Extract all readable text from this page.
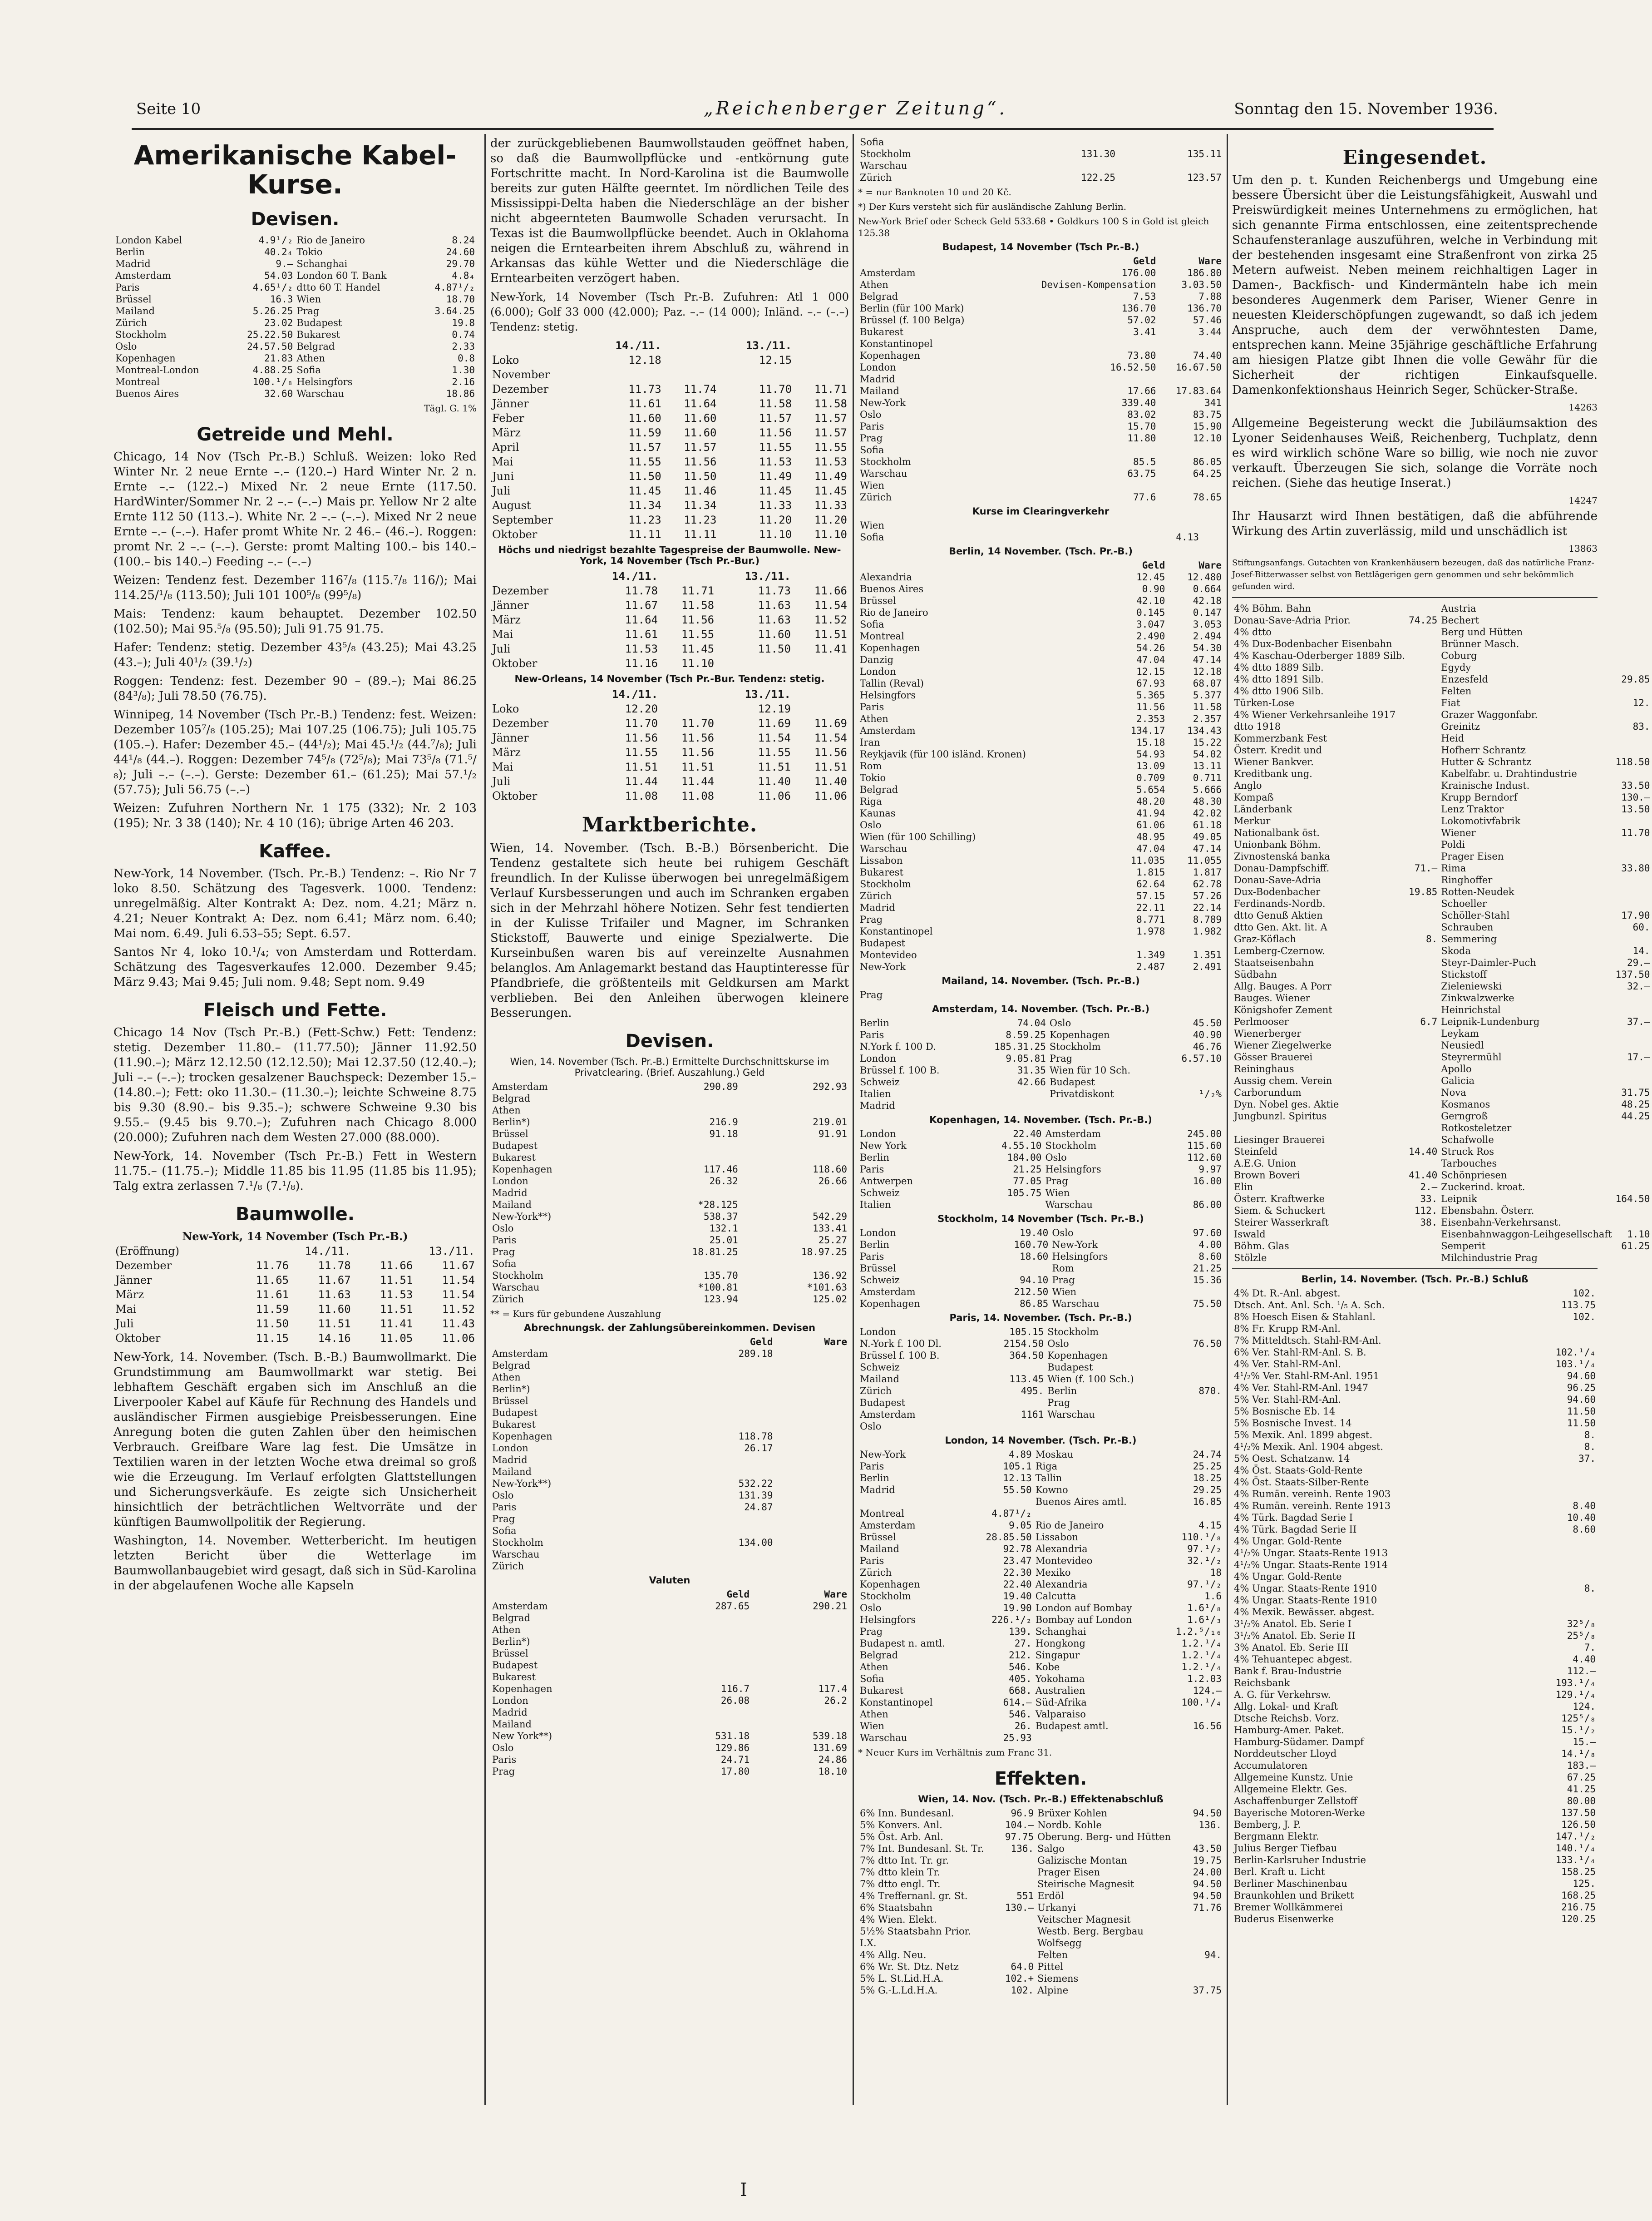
Seite 10	„Reichenberger Zeitung“.	Sonntag den 15. November 1936.
Amerikanische Kabel-Kurse.
Devisen.
London Kabel	4.9¹/₂	Rio de Janeiro	8.24
Berlin	40.2₄	Tokio	24.60
Madrid	9.–	Schanghai	29.70
Amsterdam	54.03	London 60 T. Bank	4.8₄
Paris	4.65¹/₂	dtto 60 T. Handel	4.87¹/₂
Brüssel	16.3	Wien	18.70
Mailand	5.26.25	Prag	3.64.25
Zürich	23.02	Budapest	19.8
Stockholm	25.22.50	Bukarest	0.74
Oslo	24.57.50	Belgrad	2.33
Kopenhagen	21.83	Athen	0.8
Montreal-London	4.88.25	Sofia	1.30
Montreal	100.¹/₈	Helsingfors	2.16
Buenos Aires	32.60	Warschau	18.86
Tägl. G. 1%
Getreide und Mehl.

Chicago, 14 Nov (Tsch Pr.-B.) Schluß. Weizen: loko Red Winter Nr. 2 neue Ernte –.– (120.–) Hard Winter Nr. 2 n. Ernte –.– (122.–) Mixed Nr. 2 neue Ernte (117.50. HardWinter/Sommer Nr. 2 –.– (–.–) Mais pr. Yellow Nr 2 alte Ernte 112 50 (113.–). White Nr. 2 –.– (–.–). Mixed Nr 2 neue Ernte –.– (–.–). Hafer promt White Nr. 2 46.– (46.–). Roggen: promt Nr. 2 –.– (–.–). Gerste: promt Malting 100.– bis 140.– (100.– bis 140.–) Feeding –.– (–.–)

Weizen: Tendenz fest. Dezember 116⁷/₈ (115.⁷/₈ 116/); Mai 114.25/¹/₈ (113.50); Juli 101 100⁵/₈ (99⁵/₈)

Mais: Tendenz: kaum behauptet. Dezember 102.50 (102.50); Mai 95.⁵/₈ (95.50); Juli 91.75 91.75.

Hafer: Tendenz: stetig. Dezember 43⁵/₈ (43.25); Mai 43.25 (43.–); Juli 40¹/₂ (39.¹/₂)

Roggen: Tendenz: fest. Dezember 90 – (89.–); Mai 86.25 (84³/₈); Juli 78.50 (76.75).

Winnipeg, 14 November (Tsch Pr.-B.) Tendenz: fest. Weizen: Dezember 105⁷/₈ (105.25); Mai 107.25 (106.75); Juli 105.75 (105.–). Hafer: Dezember 45.– (44¹/₂); Mai 45.¹/₂ (44.⁷/₈); Juli 44¹/₈ (44.–). Roggen: Dezember 74⁵/₈ (72⁵/₈); Mai 73⁵/₈ (71.⁵/₈); Juli –.– (–.–). Gerste: Dezember 61.– (61.25); Mai 57.¹/₂ (57.75); Juli 56.75 (–.–)

Weizen: Zufuhren Northern Nr. 1 175 (332); Nr. 2 103 (195); Nr. 3 38 (140); Nr. 4 10 (16); übrige Arten 46 203.

Kaffee.

New-York, 14 November. (Tsch. Pr.-B.) Tendenz: –. Rio Nr 7 loko 8.50. Schätzung des Tagesverk. 1000. Tendenz: unregelmäßig. Alter Kontrakt A: Dez. nom. 4.21; März n. 4.21; Neuer Kontrakt A: Dez. nom 6.41; März nom. 6.40; Mai nom. 6.49. Juli 6.53–55; Sept. 6.57.

Santos Nr 4, loko 10.¹/₄; von Amsterdam und Rotterdam. Schätzung des Tagesverkaufes 12.000. Dezember 9.45; März 9.43; Mai 9.45; Juli nom. 9.48; Sept nom. 9.49

Fleisch und Fette.

Chicago 14 Nov (Tsch Pr.-B.) (Fett-Schw.) Fett: Tendenz: stetig. Dezember 11.80.– (11.77.50); Jänner 11.92.50 (11.90.–); März 12.12.50 (12.12.50); Mai 12.37.50 (12.40.–); Juli –.– (–.–); trocken gesalzener Bauchspeck: Dezember 15.– (14.80.–); Fett: oko 11.30.– (11.30.–); leichte Schweine 8.75 bis 9.30 (8.90.– bis 9.35.–); schwere Schweine 9.30 bis 9.55.– (9.45 bis 9.70.–); Zufuhren nach Chicago 8.000 (20.000); Zufuhren nach dem Westen 27.000 (88.000).

New-York, 14. November (Tsch Pr.-B.) Fett in Western 11.75.– (11.75.–); Middle 11.85 bis 11.95 (11.85 bis 11.95); Talg extra zerlassen 7.¹/₈ (7.¹/₈).

Baumwolle.
New-York, 14 November (Tsch Pr.-B.)				
(Eröffnung)	14./11.		13./11.	
Dezember	11.76	11.78	11.66	11.67
Jänner	11.65	11.67	11.51	11.54
März	11.61	11.63	11.53	11.54
Mai	11.59	11.60	11.51	11.52
Juli	11.50	11.51	11.41	11.43
Oktober	11.15	14.16	11.05	11.06

New-York, 14. November. (Tsch. B.-B.) Baumwollmarkt. Die Grundstimmung am Baumwollmarkt war stetig. Bei lebhaftem Geschäft ergaben sich im Anschluß an die Liverpooler Kabel auf Käufe für Rechnung des Handels und ausländischer Firmen ausgiebige Preisbesserungen. Eine Anregung boten die guten Zahlen über den heimischen Verbrauch. Greifbare Ware lag fest. Die Umsätze in Textilien waren in der letzten Woche etwa dreimal so groß wie die Erzeugung. Im Verlauf erfolgten Glattstellungen und Sicherungsverkäufe. Es zeigte sich Unsicherheit hinsichtlich der beträchtlichen Weltvorräte und der künftigen Baumwollpolitik der Regierung.

Washington, 14. November. Wetterbericht. Im heutigen letzten Bericht über die Wetterlage im Baumwollanbaugebiet wird gesagt, daß sich in Süd-Karolina in der abgelaufenen Woche alle Kapseln

der zurückgebliebenen Baumwollstauden geöffnet haben, so daß die Baumwollpflücke und -entkörnung gute Fortschritte macht. In Nord-Karolina ist die Baumwolle bereits zur guten Hälfte geerntet. Im nördlichen Teile des Mississippi-Delta haben die Niederschläge an der bisher nicht abgeernteten Baumwolle Schaden verursacht. In Texas ist die Baumwollpflücke beendet. Auch in Oklahoma neigen die Erntearbeiten ihrem Abschluß zu, während in Arkansas das kühle Wetter und die Niederschläge die Erntearbeiten verzögert haben.

New-York, 14 November (Tsch Pr.-B. Zufuhren: Atl 1 000 (6.000); Golf 33 000 (42.000); Paz. –.– (14 000); Inländ. –.– (–.–) Tendenz: stetig.

	14./11.		13./11.	
Loko	12.18		12.15	
November				
Dezember	11.73	11.74	11.70	11.71
Jänner	11.61	11.64	11.58	11.58
Feber	11.60	11.60	11.57	11.57
März	11.59	11.60	11.56	11.57
April	11.57	11.57	11.55	11.55
Mai	11.55	11.56	11.53	11.53
Juni	11.50	11.50	11.49	11.49
Juli	11.45	11.46	11.45	11.45
August	11.34	11.34	11.33	11.33
September	11.23	11.23	11.20	11.20
Oktober	11.11	11.11	11.10	11.10
Höchs und niedrigst bezahlte Tagespreise der Baumwolle. New-York, 14 November (Tsch Pr.-Bur.)
	14./11.		13./11.	
Dezember	11.78	11.71	11.73	11.66
Jänner	11.67	11.58	11.63	11.54
März	11.64	11.56	11.63	11.52
Mai	11.61	11.55	11.60	11.51
Juli	11.53	11.45	11.50	11.41
Oktober	11.16	11.10		
New-Orleans, 14 November (Tsch Pr.-Bur. Tendenz: stetig.
	14./11.		13./11.	
Loko	12.20		12.19	
Dezember	11.70	11.70	11.69	11.69
Jänner	11.56	11.56	11.54	11.54
März	11.55	11.56	11.55	11.56
Mai	11.51	11.51	11.51	11.51
Juli	11.44	11.44	11.40	11.40
Oktober	11.08	11.08	11.06	11.06
Marktberichte.

Wien, 14. November. (Tsch. B.-B.) Börsenbericht. Die Tendenz gestaltete sich heute bei ruhigem Geschäft freundlich. In der Kulisse überwogen bei unregelmäßigem Verlauf Kursbesserungen und auch im Schranken ergaben sich in der Mehrzahl höhere Notizen. Sehr fest tendierten in der Kulisse Trifailer und Magner, im Schranken Stickstoff, Bauwerte und einige Spezialwerte. Die Kurseinbußen waren bis auf vereinzelte Ausnahmen belanglos. Am Anlagemarkt bestand das Hauptinteresse für Pfandbriefe, die größtenteils mit Geldkursen am Markt verblieben. Bei den Anleihen überwogen kleinere Besserungen.

Devisen.
Wien, 14. November (Tsch. Pr.-B.) Ermittelte Durchschnittskurse im Privatclearing. (Brief. Auszahlung.) Geld
Amsterdam	290.89	292.93
Belgrad		
Athen		
Berlin*)	216.9	219.01
Brüssel	91.18	91.91
Budapest		
Bukarest		
Kopenhagen	117.46	118.60
London	26.32	26.66
Madrid		
Mailand	*28.125	
New-York**)	538.37	542.29
Oslo	132.1	133.41
Paris	25.01	25.27
Prag	18.81.25	18.97.25
Sofia		
Stockholm	135.70	136.92
Warschau	*100.81	*101.63
Zürich	123.94	125.02
** = Kurs für gebundene Auszahlung
Abrechnungsk. der Zahlungsübereinkommen. Devisen
	Geld	Ware
Amsterdam	289.18	
Belgrad		
Athen		
Berlin*)		
Brüssel		
Budapest		
Bukarest		
Kopenhagen	118.78	
London	26.17	
Madrid		
Mailand		
New-York**)	532.22	
Oslo	131.39	
Paris	24.87	
Prag		
Sofia		
Stockholm	134.00	
Warschau		
Zürich		
Valuten
	Geld	Ware
Amsterdam	287.65	290.21
Belgrad		
Athen		
Berlin*)		
Brüssel		
Budapest		
Bukarest		
Kopenhagen	116.7	117.4
London	26.08	26.2
Madrid		
Mailand		
New York**)	531.18	539.18
Oslo	129.86	131.69
Paris	24.71	24.86
Prag	17.80	18.10
Sofia		
Stockholm	131.30	135.11
Warschau		
Zürich	122.25	123.57
* = nur Banknoten 10 und 20 Kč.
*) Der Kurs versteht sich für ausländische Zahlung Berlin.
New-York Brief oder Scheck Geld 533.68 • Goldkurs 100 S in Gold ist gleich 125.38
Budapest, 14 November (Tsch Pr.-B.)
	Geld	Ware
Amsterdam	176.00	186.80
Athen	Devisen-Kompensation	3.03.50
Belgrad	7.53	7.88
Berlin (für 100 Mark)	136.70	136.70
Brüssel (f. 100 Belga)	57.02	57.46
Bukarest	3.41	3.44
Konstantinopel		
Kopenhagen	73.80	74.40
London	16.52.50	16.67.50
Madrid		
Mailand	17.66	17.83.64
New-York	339.40	341
Oslo	83.02	83.75
Paris	15.70	15.90
Prag	11.80	12.10
Sofia		
Stockholm	85.5	86.05
Warschau	63.75	64.25
Wien		
Zürich	77.6	78.65
Kurse im Clearingverkehr
Wien		
Sofia	4.13	
Berlin, 14 November. (Tsch. Pr.-B.)
	Geld	Ware
Alexandria	12.45	12.480
Buenos Aires	0.90	0.664
Brüssel	42.10	42.18
Rio de Janeiro	0.145	0.147
Sofia	3.047	3.053
Montreal	2.490	2.494
Kopenhagen	54.26	54.30
Danzig	47.04	47.14
London	12.15	12.18
Tallin (Reval)	67.93	68.07
Helsingfors	5.365	5.377
Paris	11.56	11.58
Athen	2.353	2.357
Amsterdam	134.17	134.43
Iran	15.18	15.22
Reykjavik (für 100 isländ. Kronen)	54.93	54.02
Rom	13.09	13.11
Tokio	0.709	0.711
Belgrad	5.654	5.666
Riga	48.20	48.30
Kaunas	41.94	42.02
Oslo	61.06	61.18
Wien (für 100 Schilling)	48.95	49.05
Warschau	47.04	47.14
Lissabon	11.035	11.055
Bukarest	1.815	1.817
Stockholm	62.64	62.78
Zürich	57.15	57.26
Madrid	22.11	22.14
Prag	8.771	8.789
Konstantinopel	1.978	1.982
Budapest		
Montevideo	1.349	1.351
New-York	2.487	2.491
Mailand, 14. November. (Tsch. Pr.-B.)
Prag		
Amsterdam, 14. November. (Tsch. Pr.-B.)
Berlin	74.04	Oslo	45.50
Paris	8.59.25	Kopenhagen	40.90
N.York f. 100 D.	185.31.25	Stockholm	46.76
London	9.05.81	Prag	6.57.10
Brüssel f. 100 B.	31.35	Wien für 10 Sch.	
Schweiz	42.66	Budapest	
Italien		Privatdiskont	¹/₂%
Madrid			
Kopenhagen, 14. November. (Tsch. Pr.-B.)
London	22.40	Amsterdam	245.00
New York	4.55.10	Stockholm	115.60
Berlin	184.00	Oslo	112.60
Paris	21.25	Helsingfors	9.97
Antwerpen	77.05	Prag	16.00
Schweiz	105.75	Wien	
Italien		Warschau	86.00
Stockholm, 14 November (Tsch. Pr.-B.)
London	19.40	Oslo	97.60
Berlin	160.70	New-York	4.00
Paris	18.60	Helsingfors	8.60
Brüssel		Rom	21.25
Schweiz	94.10	Prag	15.36
Amsterdam	212.50	Wien	
Kopenhagen	86.85	Warschau	75.50
Paris, 14. November. (Tsch. Pr.-B.)
London	105.15	Stockholm	
N.-York f. 100 Dl.	2154.50	Oslo	76.50
Brüssel f. 100 B.	364.50	Kopenhagen	
Schweiz		Budapest	
Mailand	113.45	Wien (f. 100 Sch.)	
Zürich	495.	Berlin	870.
Budapest		Prag	
Amsterdam	1161	Warschau	
Oslo			
London, 14 November. (Tsch. Pr.-B.)
New-York	4.89	Moskau	24.74
Paris	105.1	Riga	25.25
Berlin	12.13	Tallin	18.25
Madrid	55.50	Kowno	29.25
		Buenos Aires amtl.	16.85
Montreal	4.87¹/₂		
Amsterdam	9.05	Rio de Janeiro	4.15
Brüssel	28.85.50	Lissabon	110.¹/₈
Mailand	92.78	Alexandria	97.¹/₂
Paris	23.47	Montevideo	32.¹/₂
Zürich	22.30	Mexiko	18
Kopenhagen	22.40	Alexandria	97.¹/₂
Stockholm	19.40	Calcutta	1.6
Oslo	19.90	London auf Bombay	1.6¹/₈
Helsingfors	226.¹/₂	Bombay auf London	1.6¹/₃
Prag	139.	Schanghai	1.2.⁵/₁₆
Budapest n. amtl.	27.	Hongkong	1.2.¹/₄
Belgrad	212.	Singapur	1.2.¹/₄
Athen	546.	Kobe	1.2.¹/₄
Sofia	405.	Yokohama	1.2.03
Bukarest	668.	Australien	124.–
Konstantinopel	614.–	Süd-Afrika	100.¹/₄
Athen	546.	Valparaiso	
Wien	26.	Budapest amtl.	16.56
Warschau	25.93		
* Neuer Kurs im Verhältnis zum Franc 31.
Effekten.
Wien, 14. Nov. (Tsch. Pr.-B.) Effektenabschluß
6% Inn. Bundesanl.	96.9	Brüxer Kohlen	94.50
5% Konvers. Anl.	104.–	Nordb. Kohle	136.
5% Öst. Arb. Anl.	97.75	Oberung. Berg- und Hütten	
7% Int. Bundesanl. St. Tr.	136.	Salgo	43.50
7% dtto Int. Tr. gr.		Galizische Montan	19.75
7% dtto klein Tr.		Prager Eisen	24.00
7% dtto engl. Tr.		Steirische Magnesit	94.50
4% Treffernanl. gr. St.	551	Erdöl	94.50
6% Staatsbahn	130.–	Urkanyi	71.76
4% Wien. Elekt.		Veitscher Magnesit	
5½% Staatsbahn Prior.		Westb. Berg. Bergbau	
I.X.		Wolfsegg	
4% Allg. Neu.		Felten	94.
6% Wr. St. Dtz. Netz	64.0	Pittel	
5% L. St.Lid.H.A.	102.+	Siemens	
5% G.-L.Ld.H.A.	102.	Alpine	37.75
Eingesendet.

Um den p. t. Kunden Reichenbergs und Umgebung eine bessere Übersicht über die Leistungsfähigkeit, Auswahl und Preiswürdigkeit meines Unternehmens zu ermöglichen, hat sich genannte Firma entschlossen, eine zeitentsprechende Schaufensteranlage auszuführen, welche in Verbindung mit der bestehenden insgesamt eine Straßenfront von zirka 25 Metern aufweist. Neben meinem reichhaltigen Lager in Damen-, Backfisch- und Kindermänteln habe ich mein besonderes Augenmerk dem Pariser, Wiener Genre in neuesten Kleiderschöpfungen zugewandt, so daß ich jedem Anspruche, auch dem der verwöhntesten Dame, entsprechen kann. Meine 35jährige geschäftliche Erfahrung am hiesigen Platze gibt Ihnen die volle Gewähr für die Sicherheit der richtigen Einkaufsquelle. Damenkonfektionshaus Heinrich Seger, Schücker-Straße.

14263

Allgemeine Begeisterung weckt die Jubiläumsaktion des Lyoner Seidenhauses Weiß, Reichenberg, Tuchplatz, denn es wird wirklich schöne Ware so billig, wie noch nie zuvor verkauft. Überzeugen Sie sich, solange die Vorräte noch reichen. (Siehe das heutige Inserat.)

14247

Ihr Hausarzt wird Ihnen bestätigen, daß die abführende Wirkung des Artin zuverlässig, mild und unschädlich ist

13863
Stiftungsanfangs. Gutachten von Krankenhäusern bezeugen, daß das natürliche Franz-Josef-Bitterwasser selbst von Bettlägerigen gern genommen und sehr bekömmlich gefunden wird.
4% Böhm. Bahn		Austria	
Donau-Save-Adria Prior.	74.25	Bechert	
4% dtto		Berg und Hütten	
4% Dux-Bodenbacher Eisenbahn		Brünner Masch.	
4% Kaschau-Oderberger 1889 Silb.		Coburg	
4% dtto 1889 Silb.		Egydy	
4% dtto 1891 Silb.		Enzesfeld	29.85
4% dtto 1906 Silb.		Felten	
Türken-Lose		Fiat	12.
4% Wiener Verkehrsanleihe 1917		Grazer Waggonfabr.	
dtto 1918		Greinitz	83.
Kommerzbank Fest		Heid	
Österr. Kredit und		Hofherr Schrantz	
Wiener Bankver.		Hutter & Schrantz	118.50
Kreditbank ung.		Kabelfabr. u. Drahtindustrie	
Anglo		Krainische Indust.	33.50
Kompaß		Krupp Berndorf	130.–
Länderbank		Lenz Traktor	13.50
Merkur		Lokomotivfabrik	
Nationalbank öst.		Wiener	11.70
Unionbank Böhm.		Poldi	
Zivnostenská banka		Prager Eisen	
Donau-Dampfschiff.	71.–	Rima	33.80
Donau-Save-Adria		Ringhoffer	
Dux-Bodenbacher	19.85	Rotten-Neudek	
Ferdinands-Nordb.		Schoeller	
dtto Genuß Aktien		Schöller-Stahl	17.90
dtto Gen. Akt. lit. A		Schrauben	60.
Graz-Köflach	8.	Semmering	
Lemberg-Czernow.		Skoda	14.
Staatseisenbahn		Steyr-Daimler-Puch	29.–
Südbahn		Stickstoff	137.50
Allg. Bauges. A Porr		Zieleniewski	32.–
Bauges. Wiener		Zinkwalzwerke	
Königshofer Zement		Heinrichstal	
Perlmooser	6.7	Leipnik-Lundenburg	37.–
Wienerberger		Leykam	
Wiener Ziegelwerke		Neusiedl	
Gösser Brauerei		Steyrermühl	17.–
Reininghaus		Apollo	
Aussig chem. Verein		Galicia	
Carborundum		Nova	31.75
Dyn. Nobel ges. Aktie		Kosmanos	48.25
Jungbunzl. Spiritus		Gerngroß	44.25
		Rotkosteletzer	
Liesinger Brauerei		Schafwolle	
Steinfeld	14.40	Struck Ros	
A.E.G. Union		Tarbouches	
Brown Boveri	41.40	Schönpriesen	
Elin	2.–	Zuckerind. kroat.	
Österr. Kraftwerke	33.	Leipnik	164.50
Siem. & Schuckert	112.	Ebensbahn. Österr.	
Steirer Wasserkraft	38.	Eisenbahn-Verkehrsanst.	
Iswald		Eisenbahnwaggon-Leihgesellschaft	1.10
Böhm. Glas		Semperit	61.25
Stölzle		Milchindustrie Prag	
Berlin, 14. November. (Tsch. Pr.-B.) Schluß
4% Dt. R.-Anl. abgest.	102.
Dtsch. Ant. Anl. Sch. ¹/₅ A. Sch.	113.75
8% Hoesch Eisen & Stahlanl.	102.
8% Fr. Krupp RM-Anl.	
7% Mitteldtsch. Stahl-RM-Anl.	
6% Ver. Stahl-RM-Anl. S. B.	102.¹/₄
4% Ver. Stahl-RM-Anl.	103.¹/₄
4¹/₂% Ver. Stahl-RM-Anl. 1951	94.60
4% Ver. Stahl-RM-Anl. 1947	96.25
5% Ver. Stahl-RM-Anl.	94.60
5% Bosnische Eb. 14	11.50
5% Bosnische Invest. 14	11.50
5% Mexik. Anl. 1899 abgest.	8.
4¹/₂% Mexik. Anl. 1904 abgest.	8.
5% Oest. Schatzanw. 14	37.
4% Öst. Staats-Gold-Rente	
4% Öst. Staats-Silber-Rente	
4% Rumän. vereinh. Rente 1903	
4% Rumän. vereinh. Rente 1913	8.40
4% Türk. Bagdad Serie I	10.40
4% Türk. Bagdad Serie II	8.60
4% Ungar. Gold-Rente	
4¹/₂% Ungar. Staats-Rente 1913	
4¹/₂% Ungar. Staats-Rente 1914	
4% Ungar. Gold-Rente	
4% Ungar. Staats-Rente 1910	8.
4% Ungar. Staats-Rente 1910	
4% Mexik. Bewässer. abgest.	
3¹/₂% Anatol. Eb. Serie I	32⁵/₈
3¹/₂% Anatol. Eb. Serie II	25⁵/₈
3% Anatol. Eb. Serie III	7.
4% Tehuantepec abgest.	4.40
Bank f. Brau-Industrie	112.–
Reichsbank	193.¹/₄
A. G. für Verkehrsw.	129.¹/₄
Allg. Lokal- und Kraft	124.
Dtsche Reichsb. Vorz.	125⁵/₈
Hamburg-Amer. Paket.	15.¹/₂
Hamburg-Südamer. Dampf	15.–
Norddeutscher Lloyd	14.¹/₈
Accumulatoren	183.–
Allgemeine Kunstz. Unie	67.25
Allgemeine Elektr. Ges.	41.25
Aschaffenburger Zellstoff	80.00
Bayerische Motoren-Werke	137.50
Bemberg, J. P.	126.50
Bergmann Elektr.	147.¹/₂
Julius Berger Tiefbau	140.¹/₄
Berlin-Karlsruher Industrie	133.¹/₄
Berl. Kraft u. Licht	158.25
Berliner Maschinenbau	125.
Braunkohlen und Brikett	168.25
Bremer Wollkämmerei	216.75
Buderus Eisenwerke	120.25
I
